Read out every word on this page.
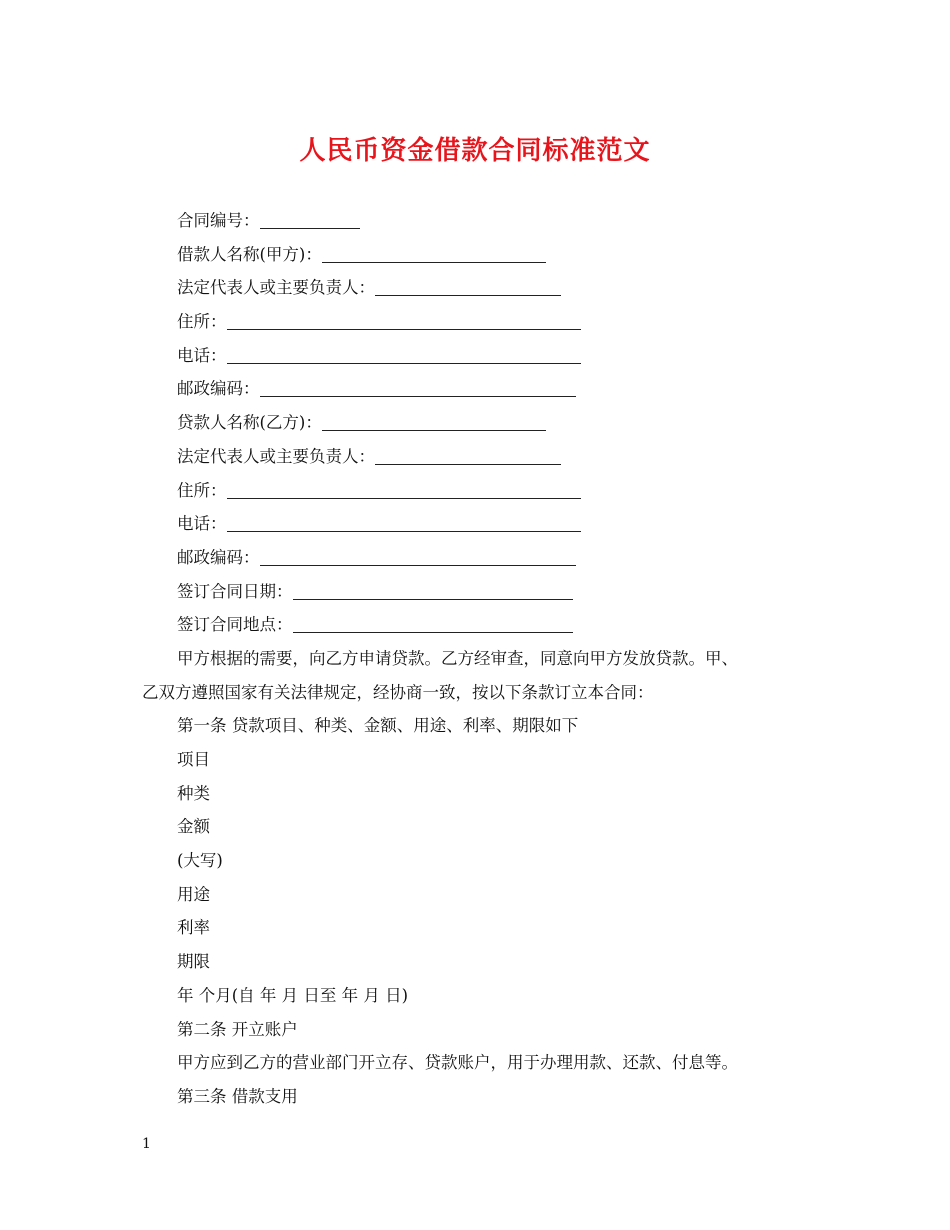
人民币资金借款合同标准范文
合同编号：
借款人名称(甲方)：
法定代表人或主要负责人：
住所：
电话：
邮政编码：
贷款人名称(乙方)：
法定代表人或主要负责人：
住所：
电话：
邮政编码：
签订合同日期：
签订合同地点：
甲方根据的需要，向乙方申请贷款。乙方经审查，同意向甲方发放贷款。甲、
乙双方遵照国家有关法律规定，经协商一致，按以下条款订立本合同：
第一条 贷款项目、种类、金额、用途、利率、期限如下
项目
种类
金额
(大写)
用途
利率
期限
年 个月(自 年 月 日至 年 月 日)
第二条 开立账户
甲方应到乙方的营业部门开立存、贷款账户，用于办理用款、还款、付息等。
第三条 借款支用
1
